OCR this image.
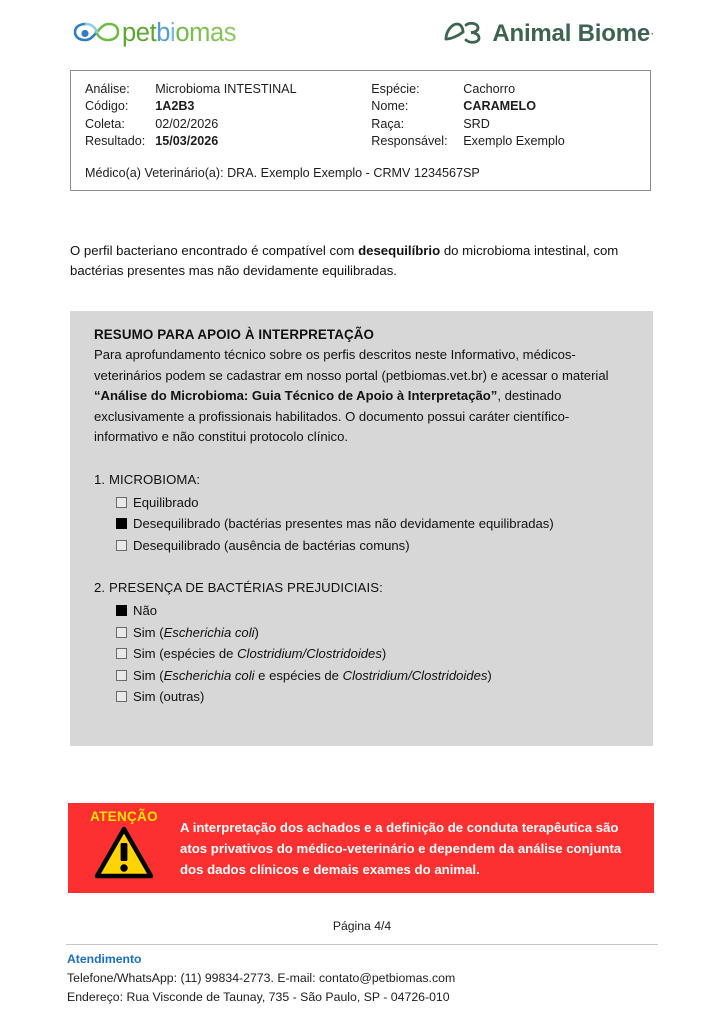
petbiomas	Animal Biome ·
Análise:	Microbioma INTESTINAL
Código:	1A2B3
Coleta:	02/02/2026
Resultado:	15/03/2026
Espécie:	Cachorro
Nome:	CARAMELO
Raça:	SRD
Responsável:	Exemplo Exemplo
Médico(a) Veterinário(a): DRA. Exemplo Exemplo - CRMV 1234567SP

O perfil bacteriano encontrado é compatível com desequilíbrio do microbioma intestinal, com bactérias presentes mas não devidamente equilibradas.

RESUMO PARA APOIO À INTERPRETAÇÃO

Para aprofundamento técnico sobre os perfis descritos neste Informativo, médicos-veterinários podem se cadastrar em nosso portal (petbiomas.vet.br) e acessar o material “Análise do Microbioma: Guia Técnico de Apoio à Interpretação”, destinado exclusivamente a profissionais habilitados. O documento possui caráter científico-informativo e não constitui protocolo clínico.

1. MICROBIOMA:
Equilibrado
Desequilibrado (bactérias presentes mas não devidamente equilibradas)
Desequilibrado (ausência de bactérias comuns)
2. PRESENÇA DE BACTÉRIAS PREJUDICIAIS:
Não
Sim (Escherichia coli)
Sim (espécies de Clostridium/Clostridoides)
Sim (Escherichia coli e espécies de Clostridium/Clostridoides)
Sim (outras)
ATENÇÃO
A interpretação dos achados e a definição de conduta terapêutica são atos privativos do médico-veterinário e dependem da análise conjunta dos dados clínicos e demais exames do animal.
Página 4/4
Atendimento

Telefone/WhatsApp: (11) 99834-2773. E-mail: contato@petbiomas.com

Endereço: Rua Visconde de Taunay, 735 - São Paulo, SP - 04726-010
